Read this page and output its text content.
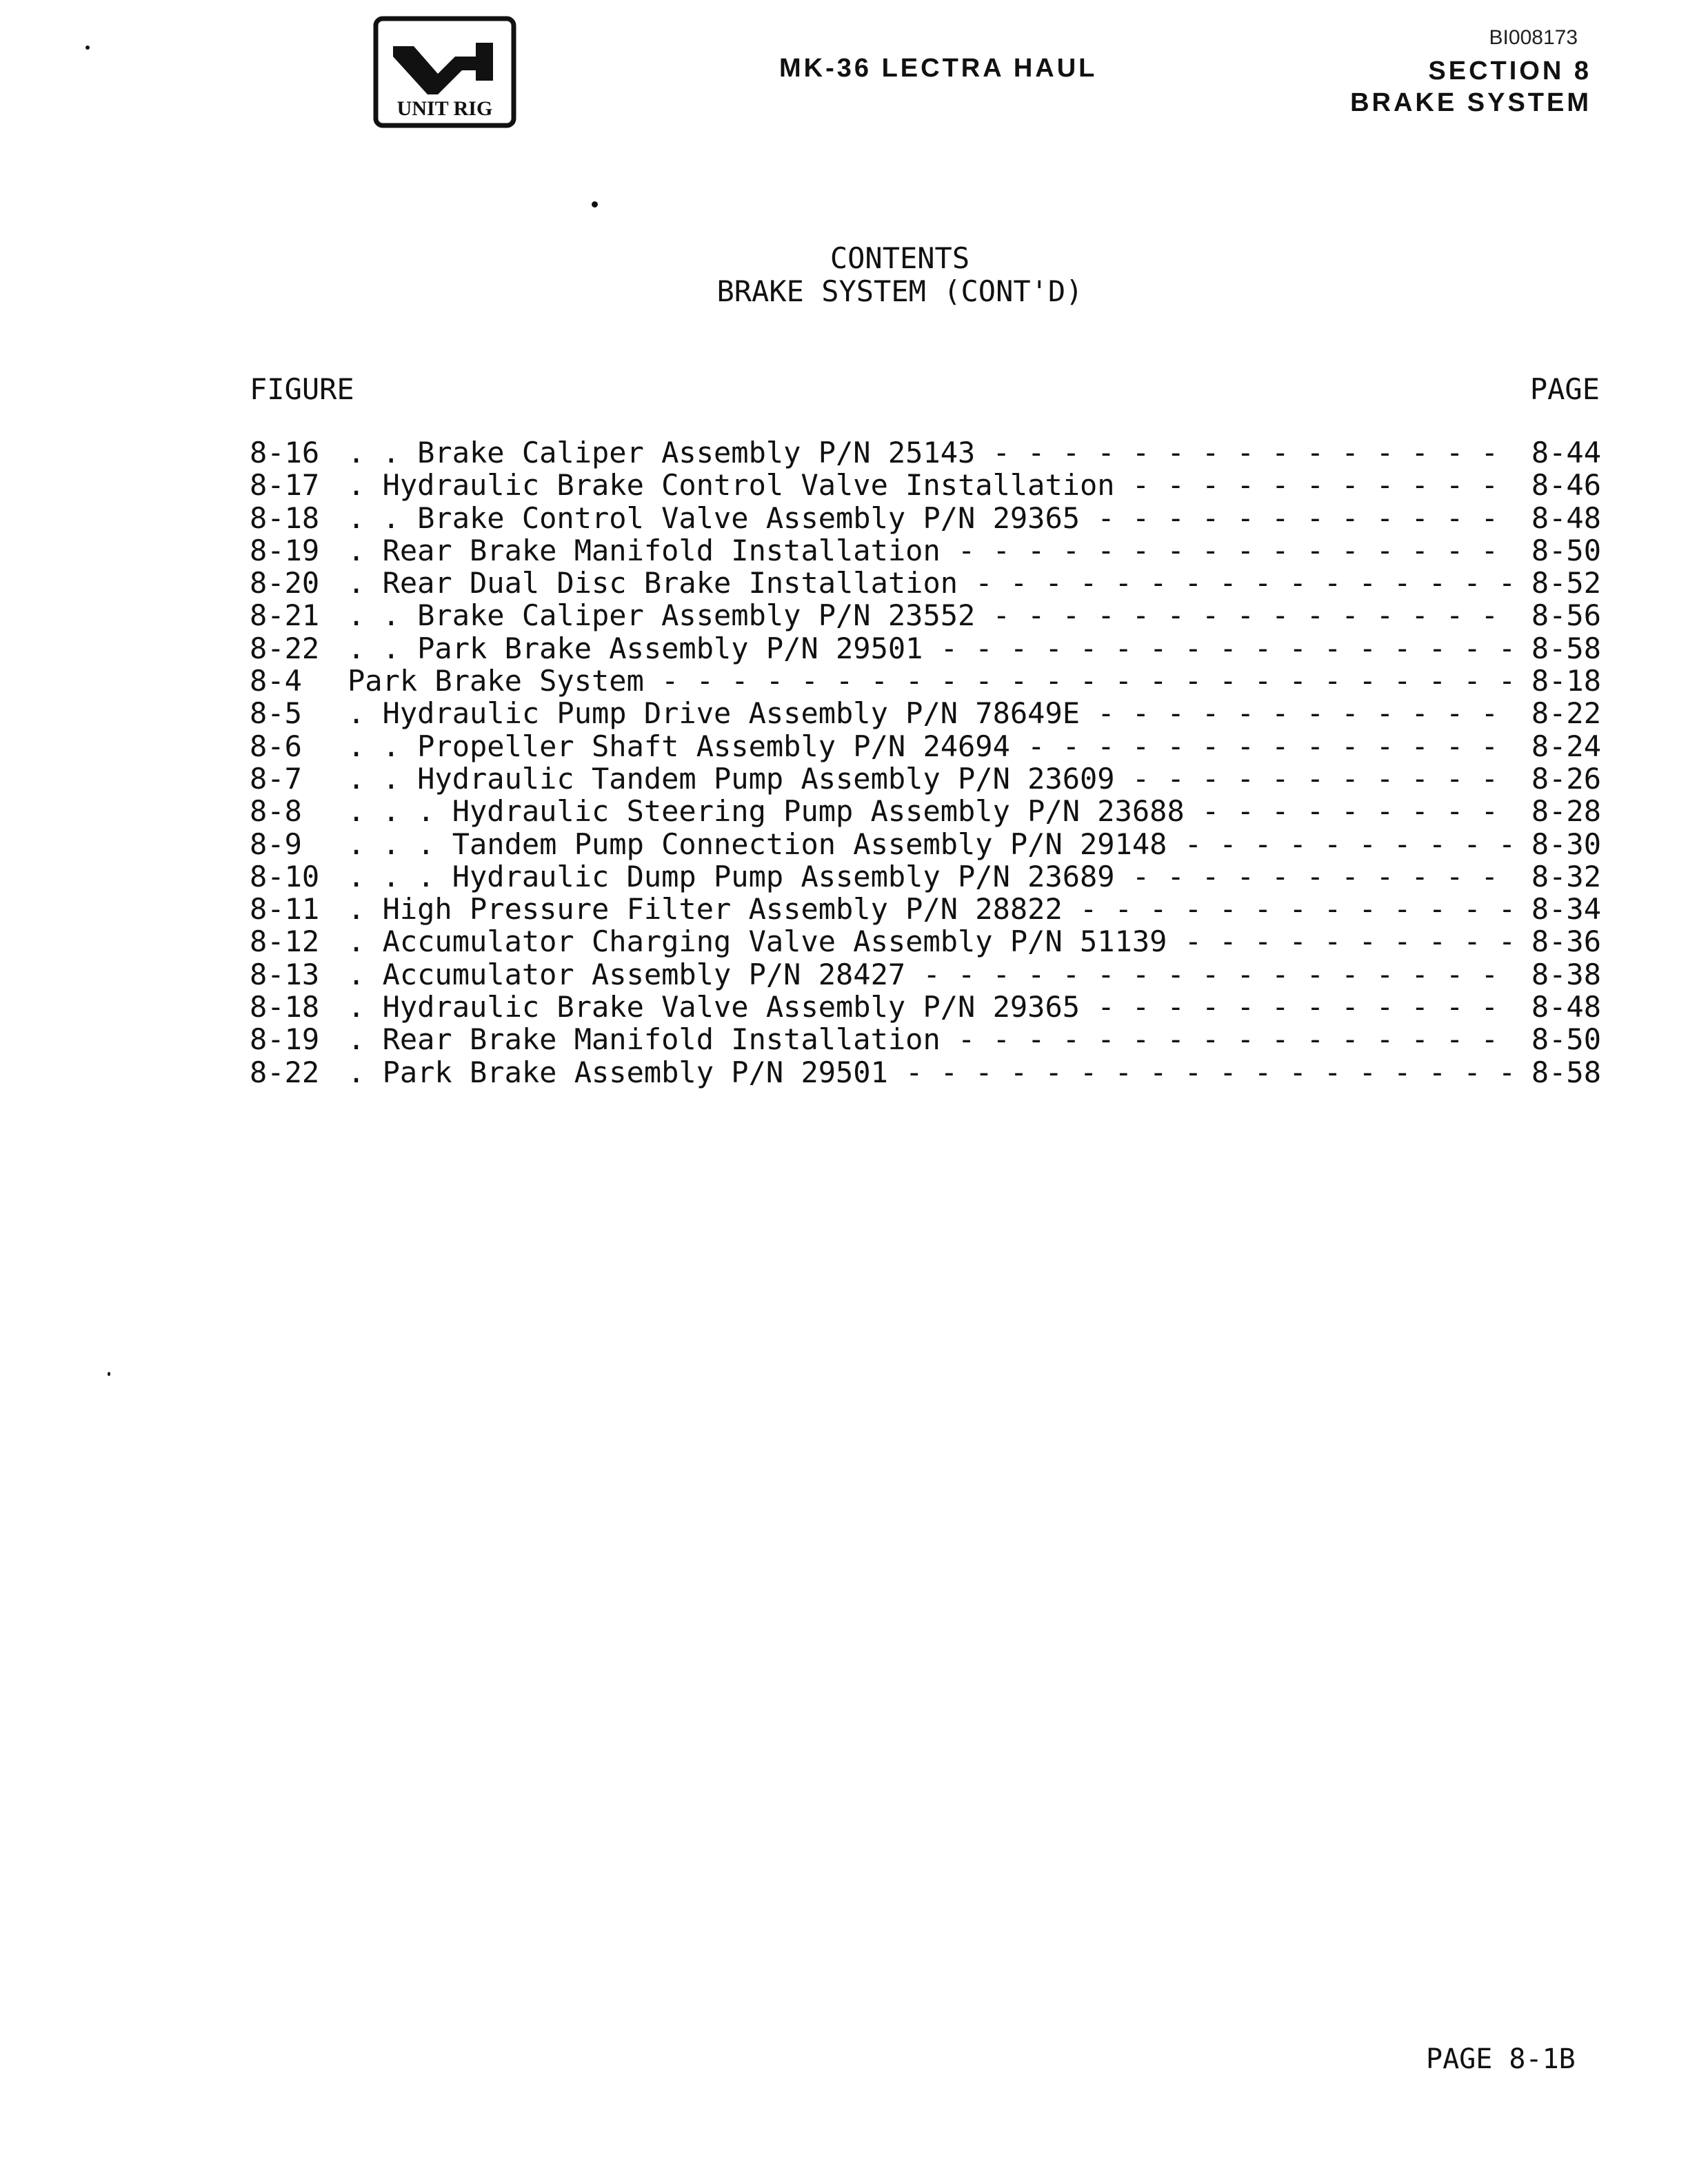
UNIT RIG
BI008173
MK-36 LECTRA HAUL	SECTION 8
BRAKE SYSTEM
CONTENTS
BRAKE SYSTEM (CONT'D)
FIGURE	PAGE
8-16 . . Brake Caliper Assembly P/N 25143 - - -	8-44
8-17 . Hydraulic Brake Control Valve Installation - - -	8-46
8-18 . . Brake Control Valve Assembly P/N 29365 - - -	8-48
8-19 . Rear Brake Manifold Installation - - -	8-50
8-20 . Rear Dual Disc Brake Installation - - -	8-52
8-21 . . Brake Caliper Assembly P/N 23552 - - -	8-56
8-22 . . Park Brake Assembly P/N 29501 - - -	8-58
8-4	Park Brake System - - -	8-18
8-5	. Hydraulic Pump Drive Assembly P/N 78649E - - -	8-22
8-6	. . Propeller Shaft Assembly P/N 24694 - - -	8-24
8-7	. . Hydraulic Tandem Pump Assembly P/N 23609 - - -	8-26
8-8	. . . Hydraulic Steering Pump Assembly P/N 23688 - - -	8-28
8-9	. . . Tandem Pump Connection Assembly P/N 29148 - - -	8-30
8-10 . . . Hydraulic Dump Pump Assembly P/N 23689 - - -	8-32
8-11 . High Pressure Filter Assembly P/N 28822 - - -	8-34
8-12 . Accumulator Charging Valve Assembly P/N 51139 - - -	8-36
8-13 . Accumulator Assembly P/N 28427 - - -	8-38
8-18 . Hydraulic Brake Valve Assembly P/N 29365 - - -	8-48
8-19 . Rear Brake Manifold Installation - - -	8-50
8-22 . Park Brake Assembly P/N 29501 - - -	8-58
PAGE 8-1B
